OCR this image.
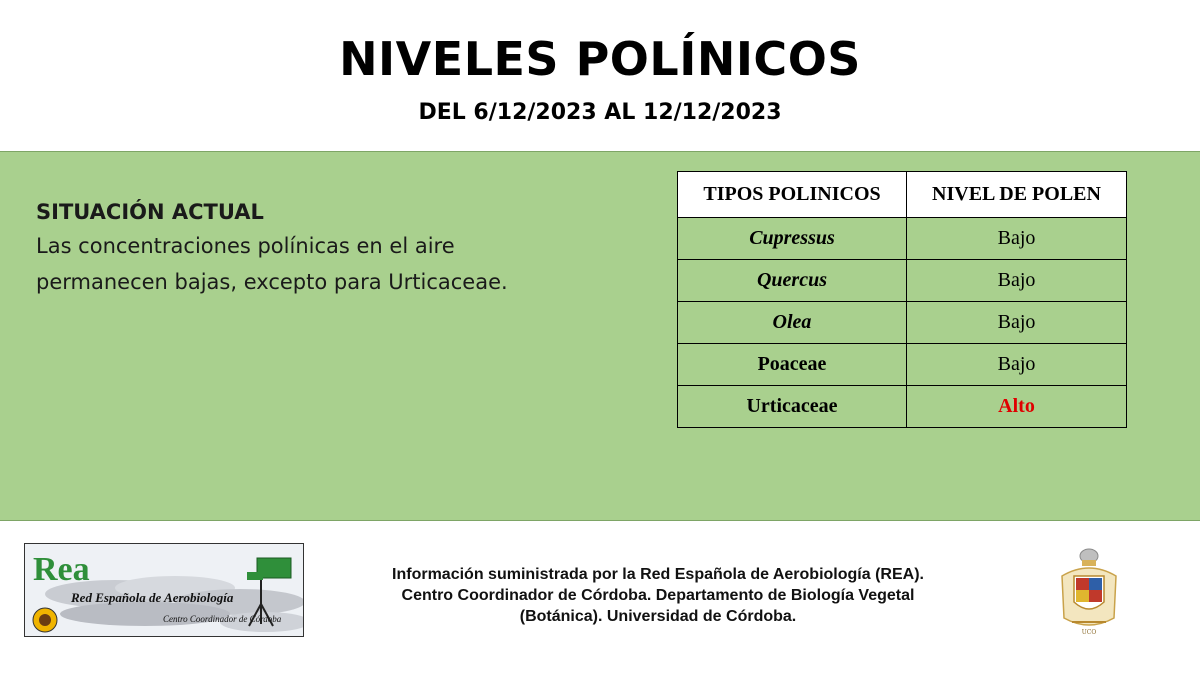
NIVELES POLÍNICOS
DEL 6/12/2023 AL 12/12/2023
SITUACIÓN ACTUAL
Las concentraciones polínicas en el aire
permanecen bajas, excepto para Urticaceae.
TIPOS POLINICOS	NIVEL DE POLEN
Cupressus	Bajo
Quercus	Bajo
Olea	Bajo
Poaceae	Bajo
Urticaceae	Alto
Rea
Red Española de Aerobiología
Centro Coordinador de Córdoba
Información suministrada por la Red Española de Aerobiología (REA).
Centro Coordinador de Córdoba. Departamento de Biología Vegetal
(Botánica). Universidad de Córdoba.
UCO
